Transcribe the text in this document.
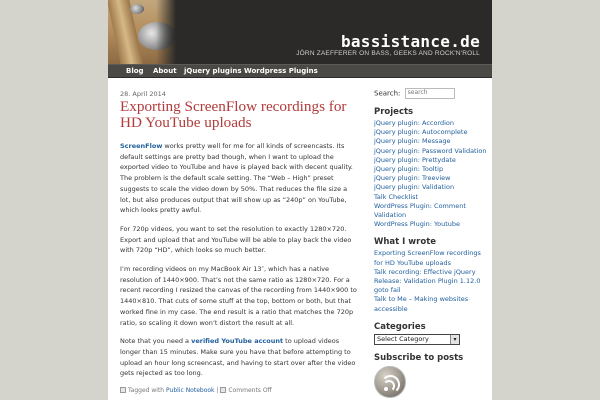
bassistance.de
JÖRN ZAEFFERER ON BASS, GEEKS AND ROCK'N'ROLL
Blog About jQuery plugins Wordpress Plugins
28. April 2014
Exporting ScreenFlow recordings for HD YouTube uploads

ScreenFlow works pretty well for me for all kinds of screencasts. Its default settings are pretty bad though, when I want to upload the exported video to YouTube and have is played back with decent quality. The problem is the default scale setting. The “Web – High” preset suggests to scale the video down by 50%. That reduces the file size a lot, but also produces output that will show up as “240p” on YouTube, which looks pretty awful.

For 720p videos, you want to set the resolution to exactly 1280×720. Export and upload that and YouTube will be able to play back the video with 720p “HD”, which looks so much better.

I’m recording videos on my MacBook Air 13″, which has a native resolution of 1440×900. That’s not the same ratio as 1280×720. For a recent recording I resized the canvas of the recording from 1440×900 to 1440×810. That cuts of some stuff at the top, bottom or both, but that worked fine in my case. The end result is a ratio that matches the 720p ratio, so scaling it down won’t distort the result at all.

Note that you need a verified YouTube account to upload videos longer than 15 minutes. Make sure you have that before attempting to upload an hour long screencast, and having to start over after the video gets rejected as too long.

Tagged with Public Notebook | Comments Off
Search: search
Projects
jQuery plugin: Accordion
jQuery plugin: Autocomplete
jQuery plugin: Message
jQuery plugin: Password Validation
jQuery plugin: Prettydate
jQuery plugin: Tooltip
jQuery plugin: Treeview
jQuery plugin: Validation
Talk Checklist
WordPress Plugin: Comment Validation
WordPress Plugin: Youtube
What I wrote
Exporting ScreenFlow recordings for HD YouTube uploads
Talk recording: Effective jQuery
Release: Validation Plugin 1.12.0 goto fail
Talk to Me – Making websites accessible
Categories
Select Category	▾
Subscribe to posts
